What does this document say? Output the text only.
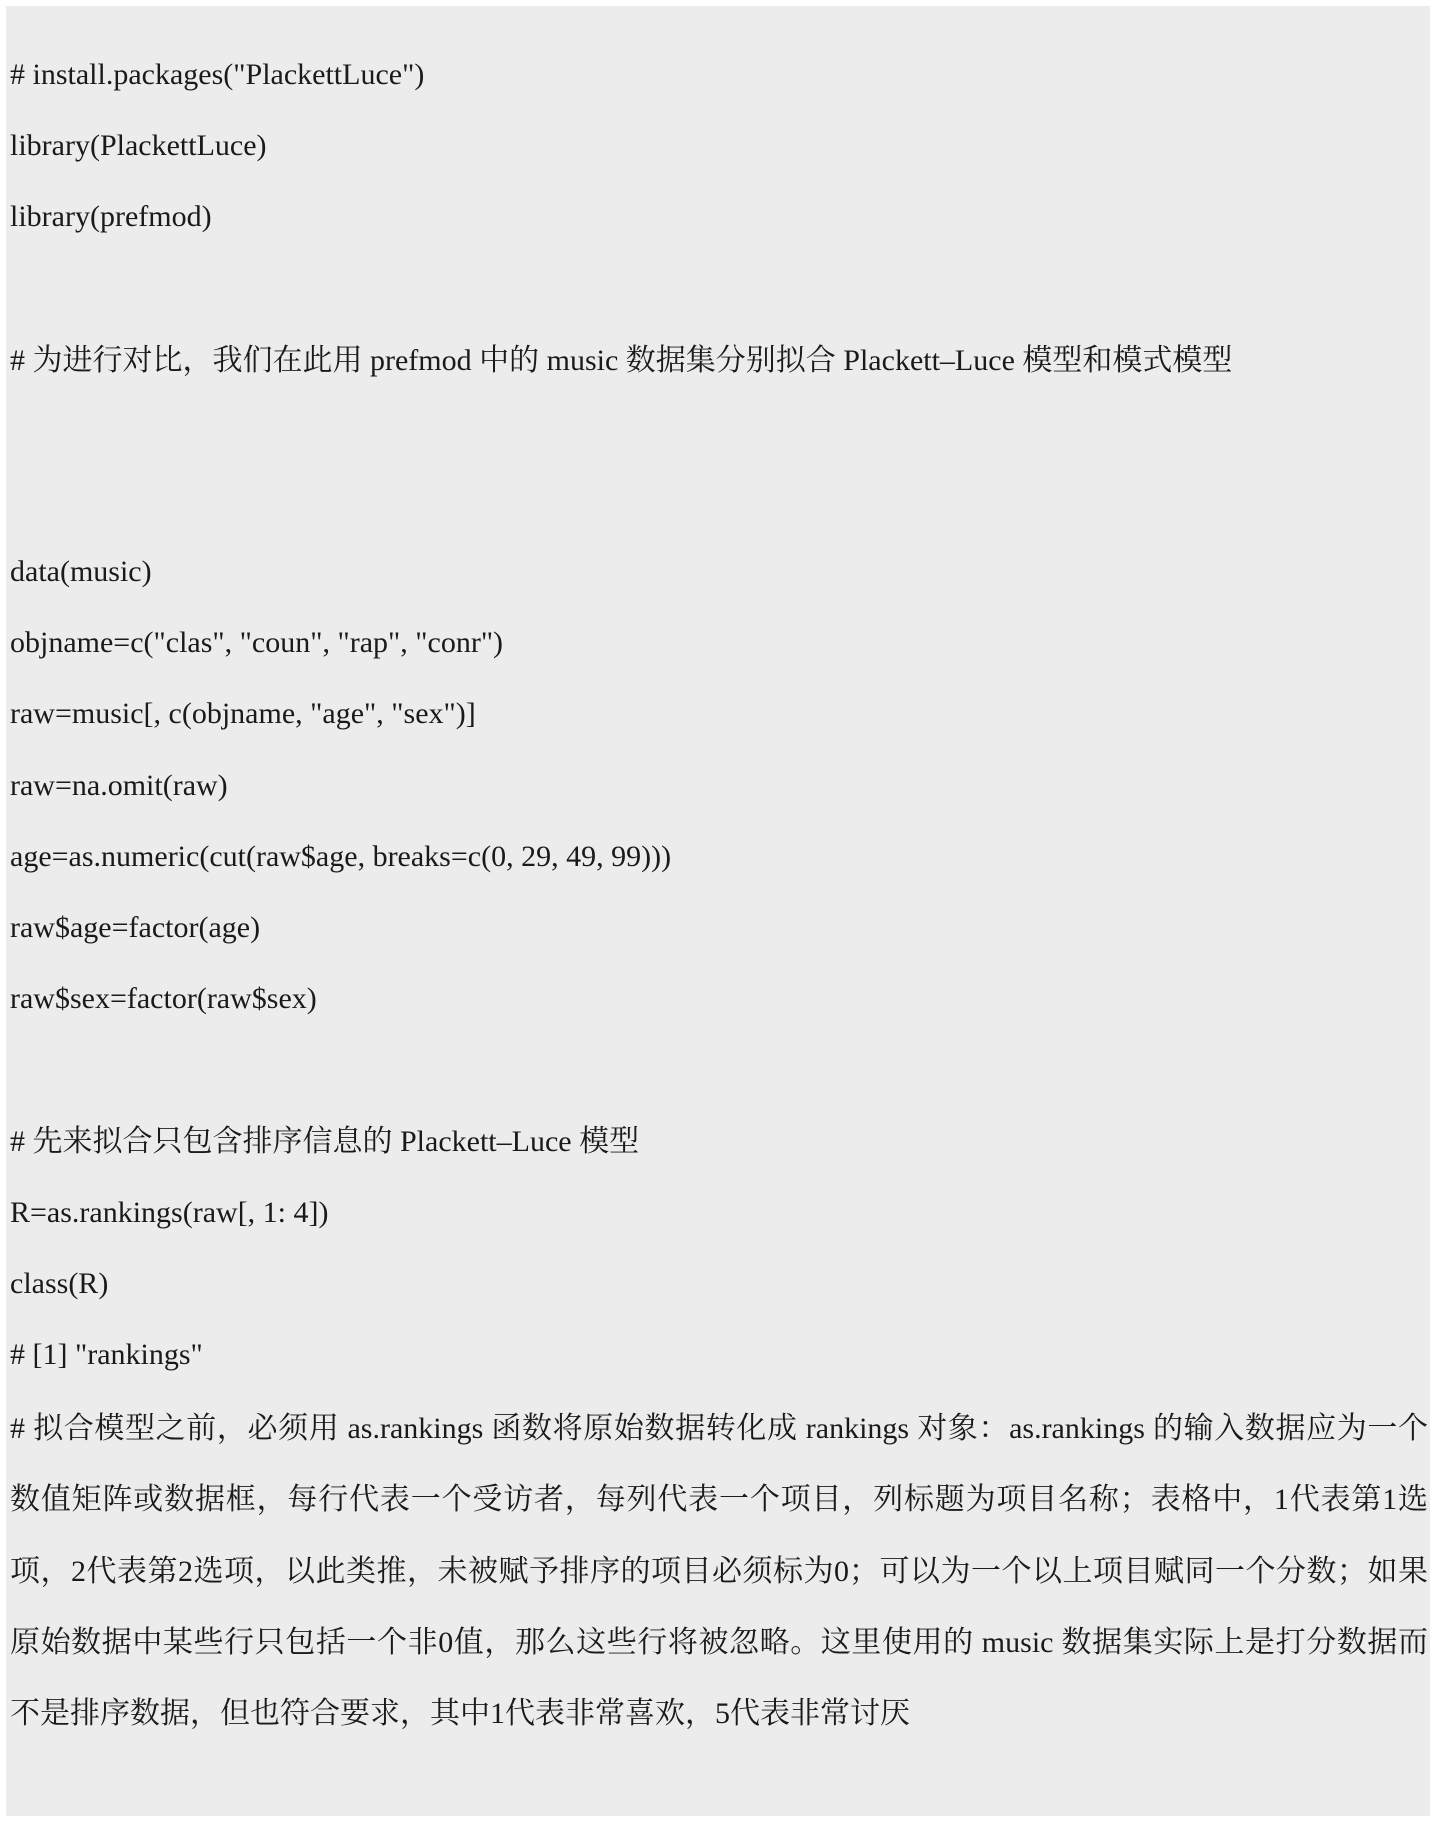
# install.packages("PlackettLuce")
library(PlackettLuce)
library(prefmod)
# 为进行对比，我们在此用 prefmod 中的 music 数据集分别拟合 Plackett–Luce 模型和模式模型
data(music)
objname=c("clas", "coun", "rap", "conr")
raw=music[, c(objname, "age", "sex")]
raw=na.omit(raw)
age=as.numeric(cut(raw$age, breaks=c(0, 29, 49, 99)))
raw$age=factor(age)
raw$sex=factor(raw$sex)
# 先来拟合只包含排序信息的 Plackett–Luce 模型
R=as.rankings(raw[, 1: 4])
class(R)
# [1] "rankings"
# 拟合模型之前，必须用 as.rankings 函数将原始数据转化成 rankings 对象：as.rankings 的输入数据应为一个数值矩阵或数据框，每行代表一个受访者，每列代表一个项目，列标题为项目名称；表格中，1代表第1选项，2代表第2选项，以此类推，未被赋予排序的项目必须标为0；可以为一个以上项目赋同一个分数；如果原始数据中某些行只包括一个非0值，那么这些行将被忽略。这里使用的 music 数据集实际上是打分数据而不是排序数据，但也符合要求，其中1代表非常喜欢，5代表非常讨厌
